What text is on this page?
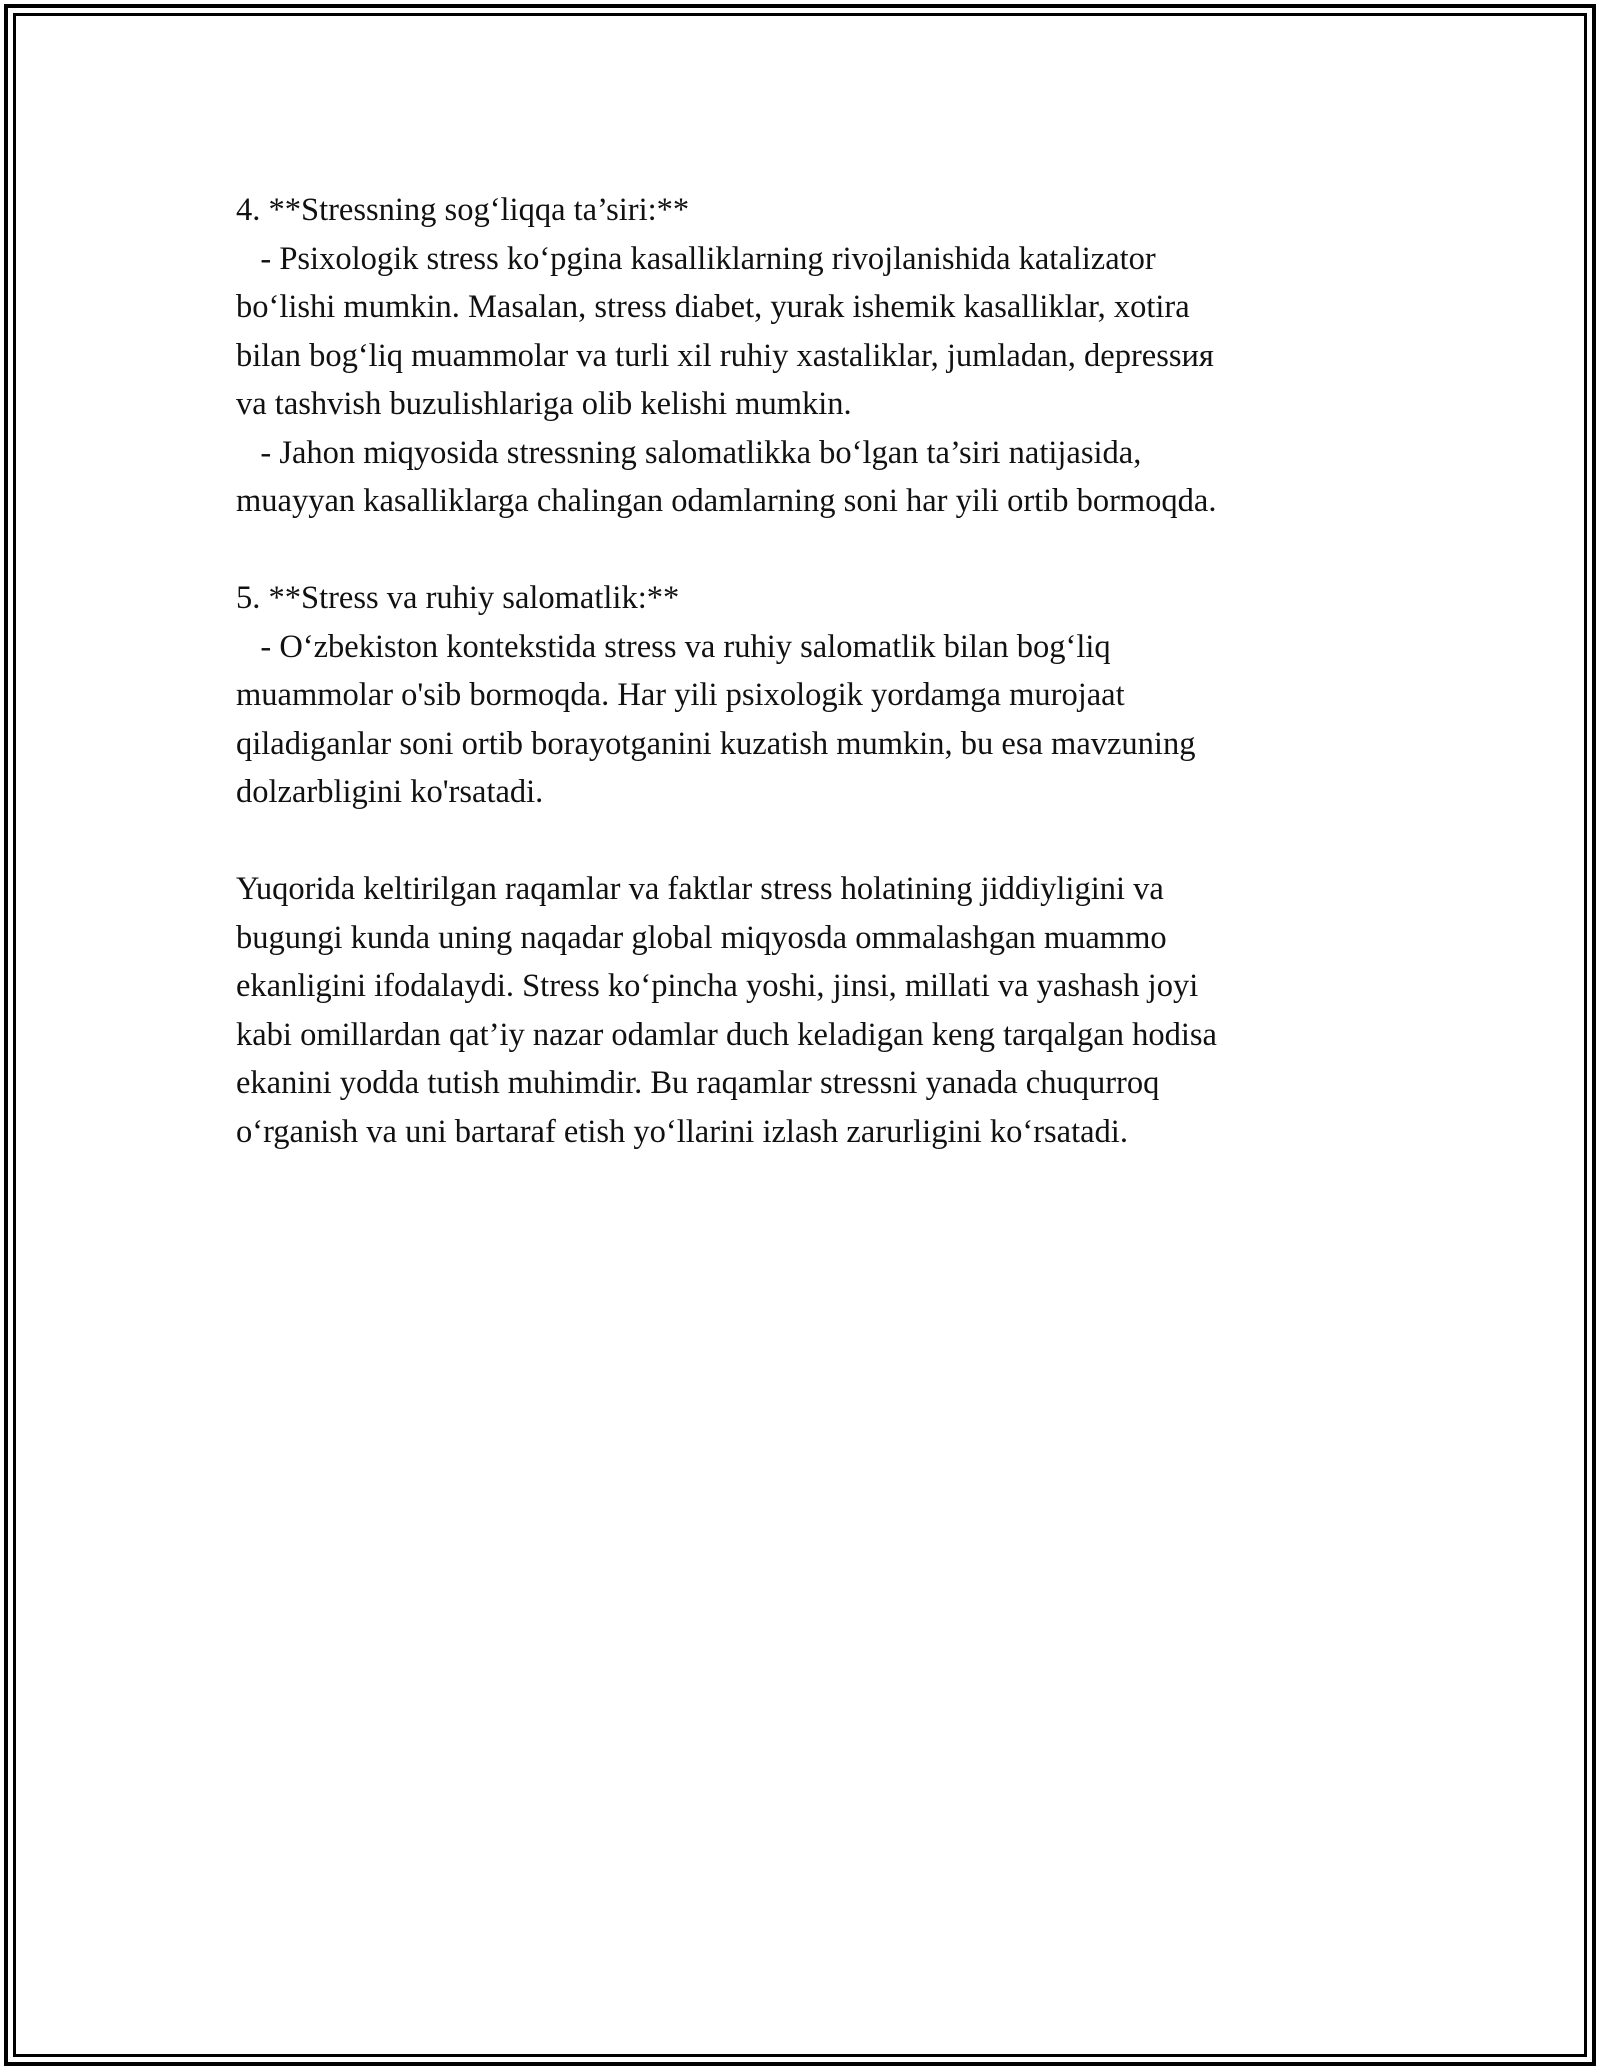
4. **Stressning sog‘liqqa ta’siri:**
- Psixologik stress ko‘pgina kasalliklarning rivojlanishida katalizator
bo‘lishi mumkin. Masalan, stress diabet, yurak ishemik kasalliklar, xotira
bilan bog‘liq muammolar va turli xil ruhiy xastaliklar, jumladan, depressия
va tashvish buzulishlariga olib kelishi mumkin.
- Jahon miqyosida stressning salomatlikka bo‘lgan ta’siri natijasida,
muayyan kasalliklarga chalingan odamlarning soni har yili ortib bormoqda.
5. **Stress va ruhiy salomatlik:**
- O‘zbekiston kontekstida stress va ruhiy salomatlik bilan bog‘liq
muammolar o'sib bormoqda. Har yili psixologik yordamga murojaat
qiladiganlar soni ortib borayotganini kuzatish mumkin, bu esa mavzuning
dolzarbligini ko'rsatadi.
Yuqorida keltirilgan raqamlar va faktlar stress holatining jiddiyligini va
bugungi kunda uning naqadar global miqyosda ommalashgan muammo
ekanligini ifodalaydi. Stress ko‘pincha yoshi, jinsi, millati va yashash joyi
kabi omillardan qat’iy nazar odamlar duch keladigan keng tarqalgan hodisa
ekanini yodda tutish muhimdir. Bu raqamlar stressni yanada chuqurroq
o‘rganish va uni bartaraf etish yo‘llarini izlash zarurligini ko‘rsatadi.
